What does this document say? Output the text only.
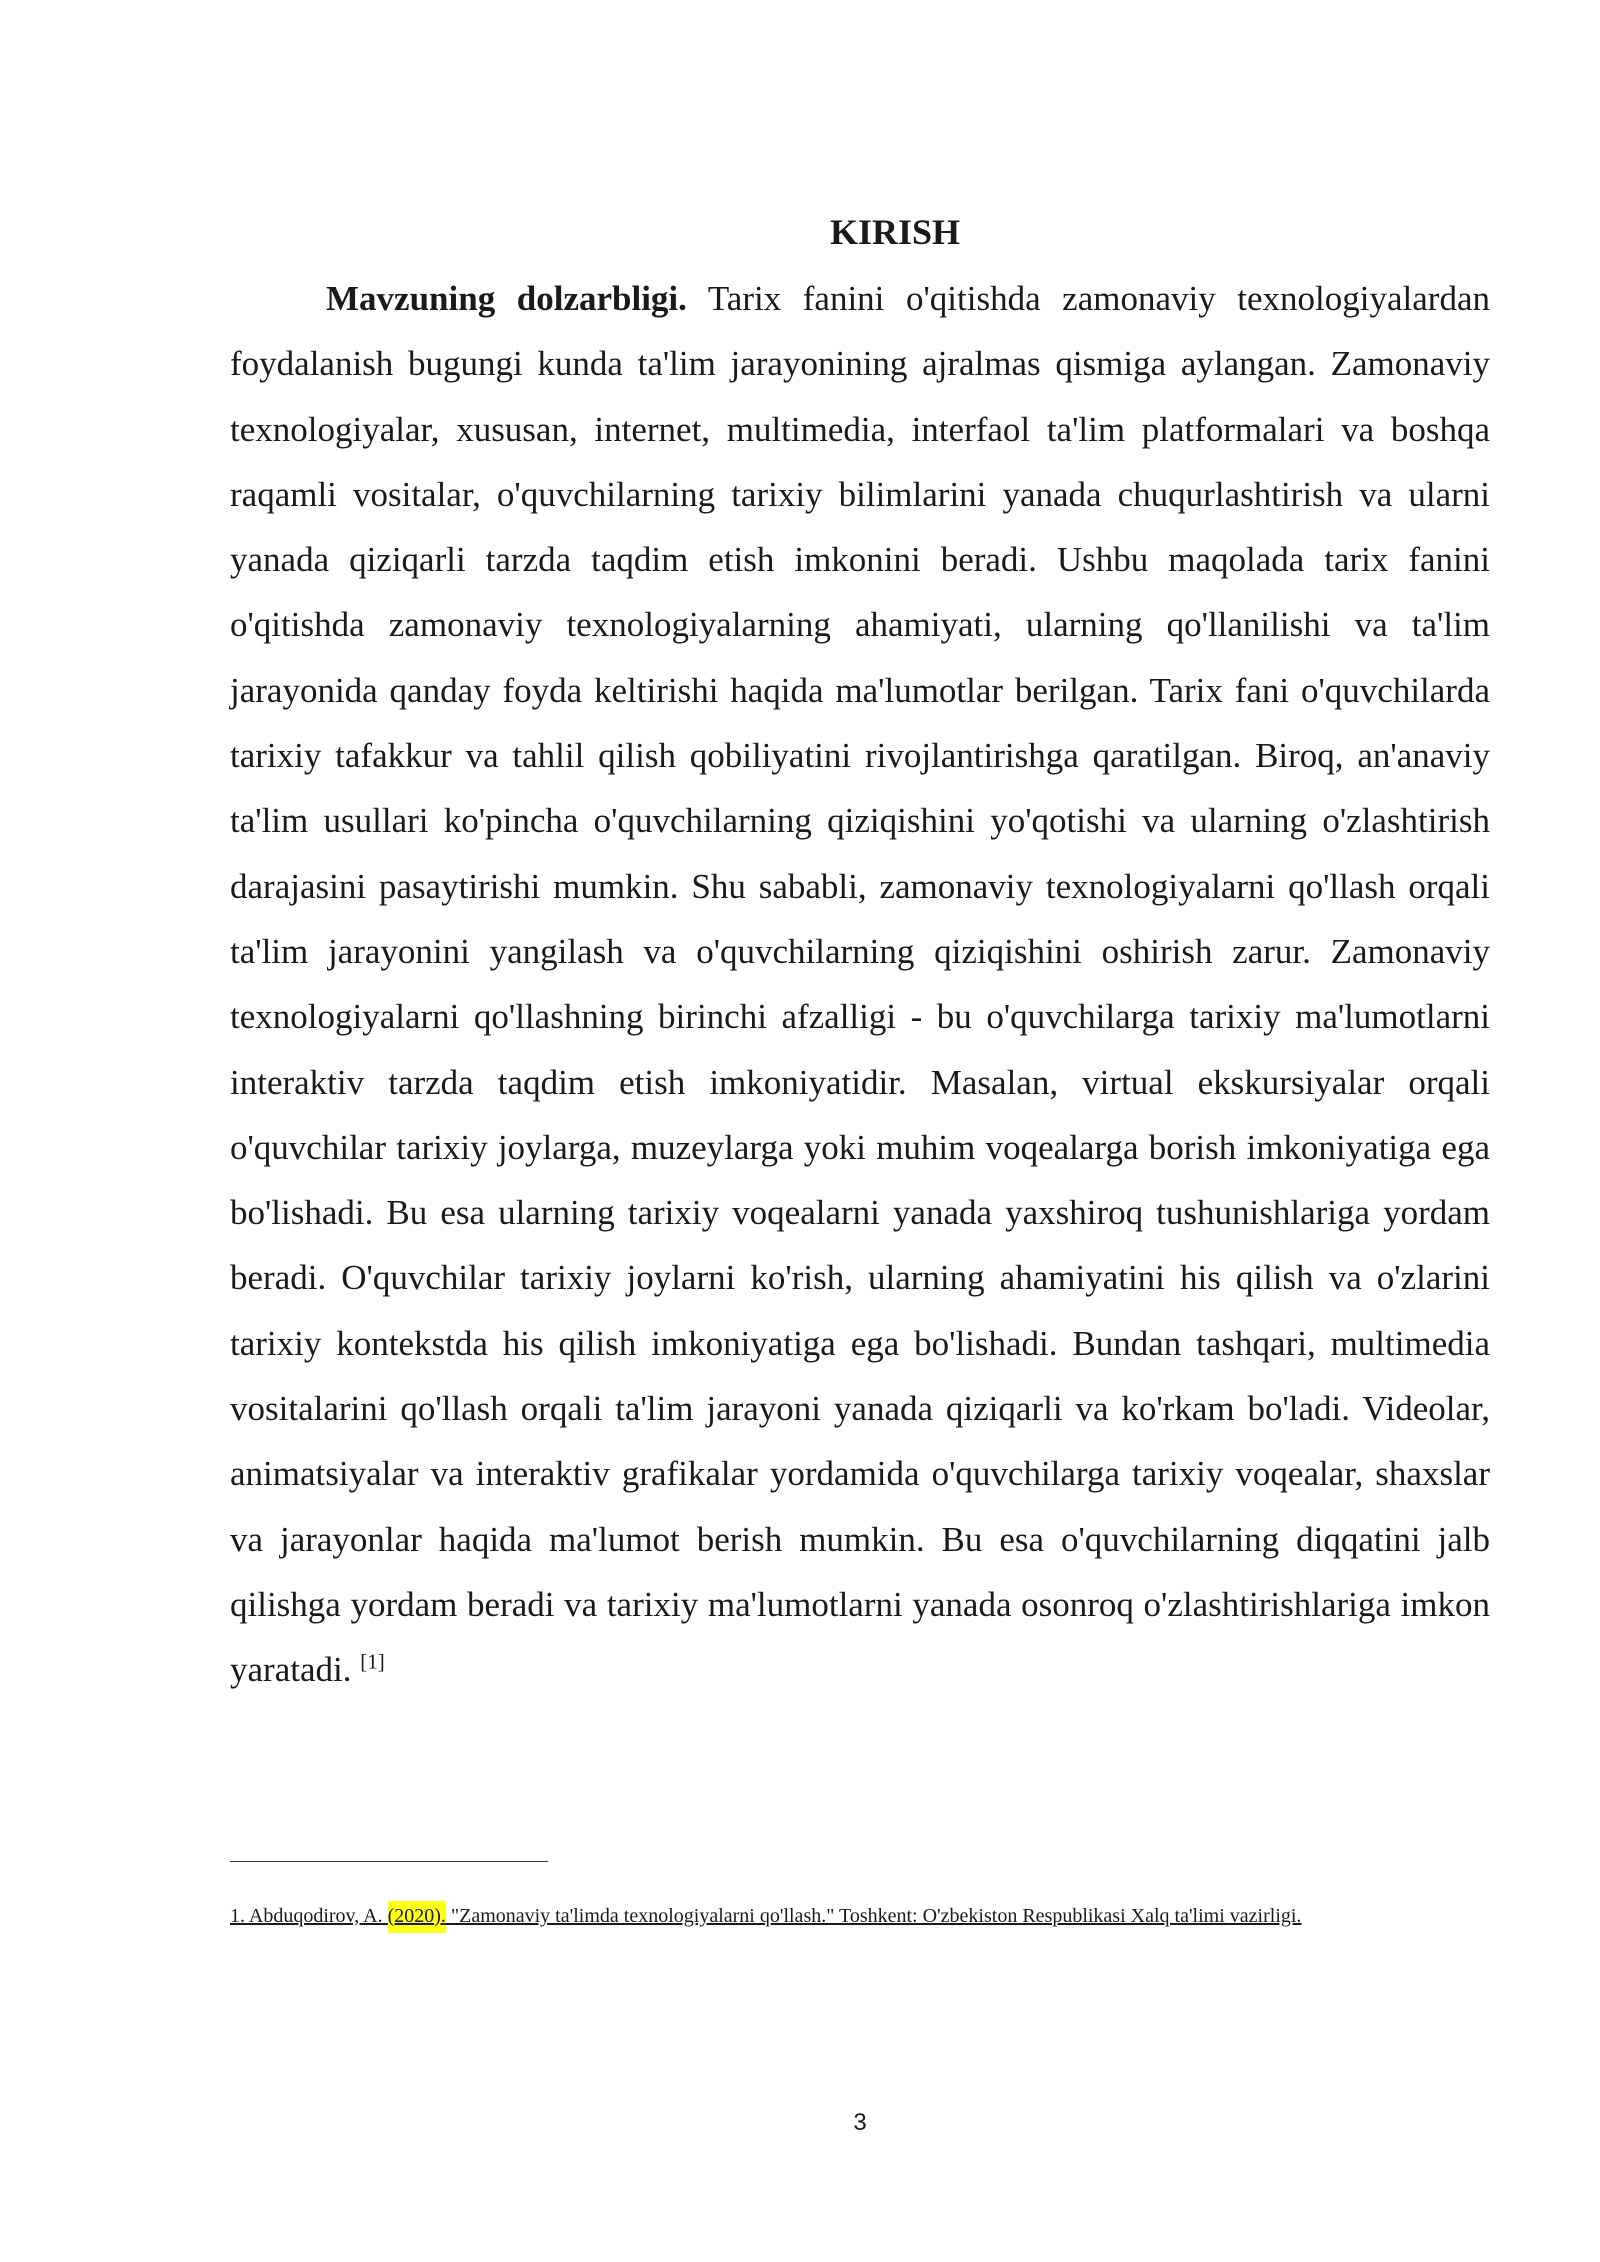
KIRISH

Mavzuning dolzarbligi. Tarix fanini o'qitishda zamonaviy texnologiyalardan foydalanish bugungi kunda ta'lim jarayonining ajralmas qismiga aylangan. Zamonaviy texnologiyalar, xususan, internet, multimedia, interfaol ta'lim platformalari va boshqa raqamli vositalar, o'quvchilarning tarixiy bilimlarini yanada chuqurlashtirish va ularni yanada qiziqarli tarzda taqdim etish imkonini beradi. Ushbu maqolada tarix fanini o'qitishda zamonaviy texnologiyalarning ahamiyati, ularning qo'llanilishi va ta'lim jarayonida qanday foyda keltirishi haqida ma'lumotlar berilgan. Tarix fani o'quvchilarda tarixiy tafakkur va tahlil qilish qobiliyatini rivojlantirishga qaratilgan. Biroq, an'anaviy ta'lim usullari ko'pincha o'quvchilarning qiziqishini yo'qotishi va ularning o'zlashtirish darajasini pasaytirishi mumkin. Shu sababli, zamonaviy texnologiyalarni qo'llash orqali ta'lim jarayonini yangilash va o'quvchilarning qiziqishini oshirish zarur. Zamonaviy texnologiyalarni qo'llashning birinchi afzalligi - bu o'quvchilarga tarixiy ma'lumotlarni interaktiv tarzda taqdim etish imkoniyatidir. Masalan, virtual ekskursiyalar orqali o'quvchilar tarixiy joylarga, muzeylarga yoki muhim voqealarga borish imkoniyatiga ega bo'lishadi. Bu esa ularning tarixiy voqealarni yanada yaxshiroq tushunishlariga yordam beradi. O'quvchilar tarixiy joylarni ko'rish, ularning ahamiyatini his qilish va o'zlarini tarixiy kontekstda his qilish imkoniyatiga ega bo'lishadi. Bundan tashqari, multimedia vositalarini qo'llash orqali ta'lim jarayoni yanada qiziqarli va ko'rkam bo'ladi. Videolar, animatsiyalar va interaktiv grafikalar yordamida o'quvchilarga tarixiy voqealar, shaxslar va jarayonlar haqida ma'lumot berish mumkin. Bu esa o'quvchilarning diqqatini jalb qilishga yordam beradi va tarixiy ma'lumotlarni yanada osonroq o'zlashtirishlariga imkon yaratadi. [1]

1. Abduqodirov, A. (2020). "Zamonaviy ta'limda texnologiyalarni qo'llash." Toshkent: O'zbekiston Respublikasi Xalq ta'limi vazirligi.
3
